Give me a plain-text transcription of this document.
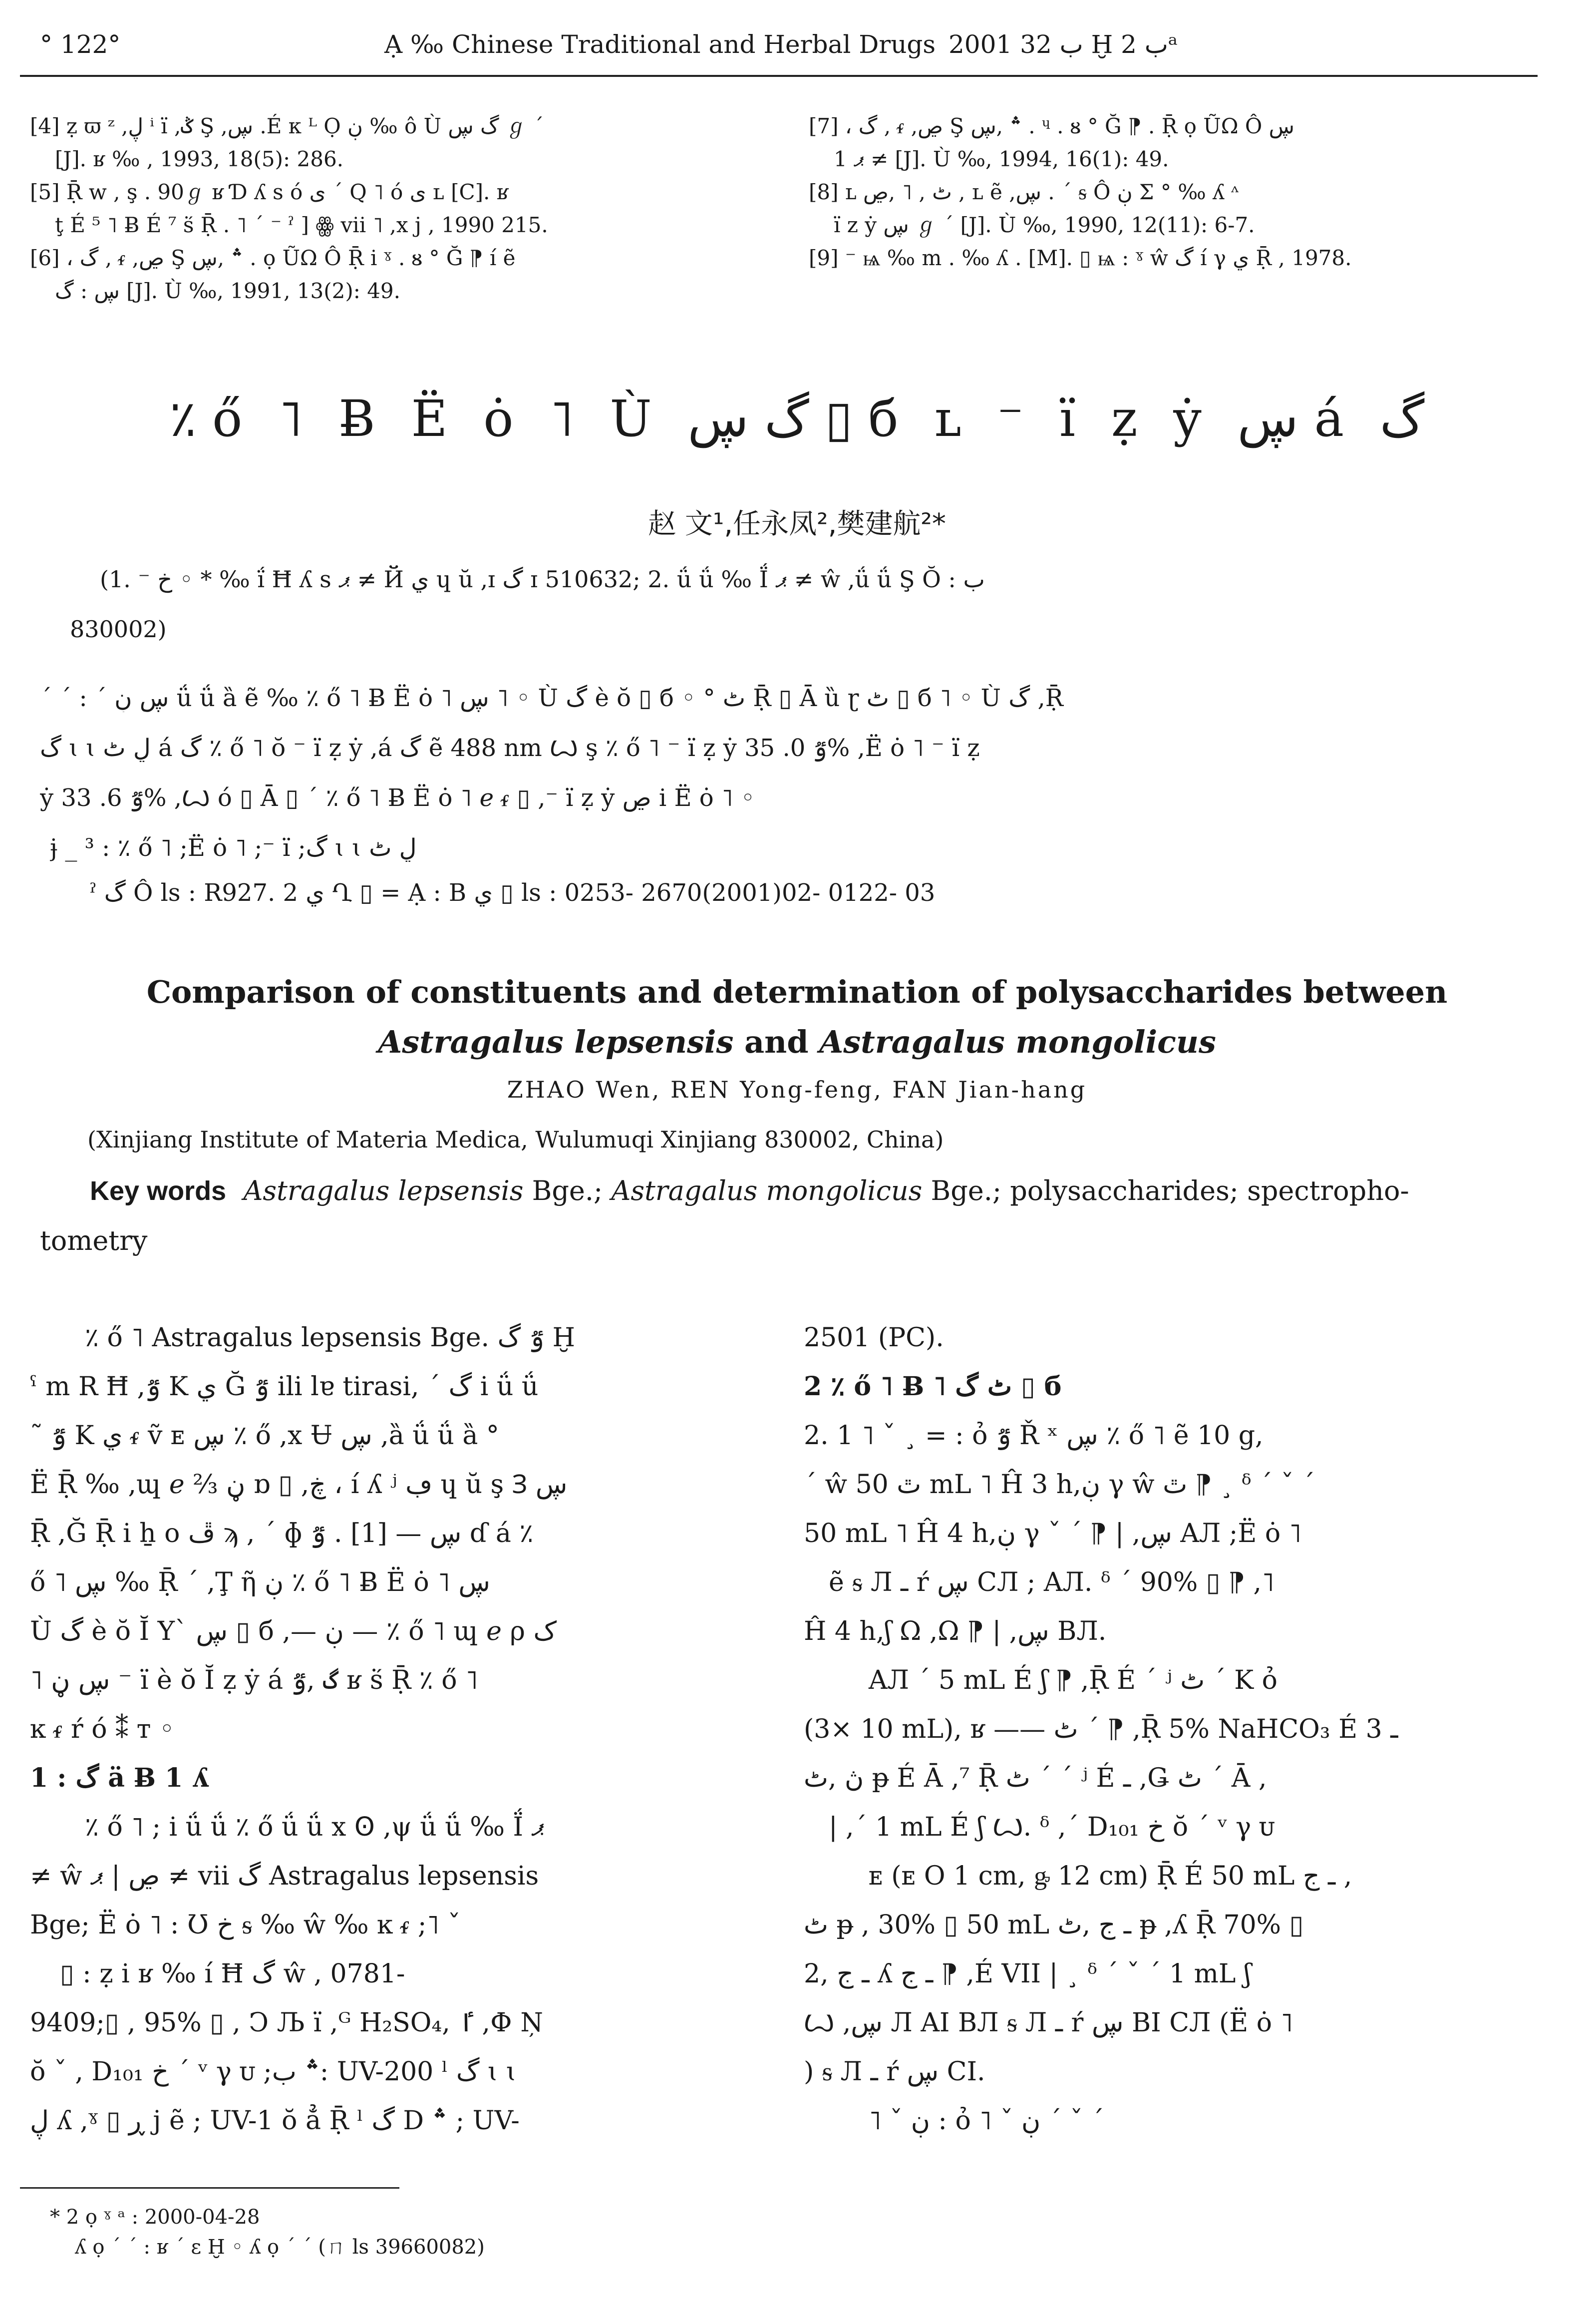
° 122°	Ạ ‰ Chinese Traditional and Herbal Drugs 2001 ب 32 Ḫ ب 2ᵃ

[4] ẓ ϖ ᶻ ,ڸ ⁱ ï ,ݣ Ş ,ڛ .É κ ᴸ Ọ ڹ ‰ ô Ù گ ڛ ℊ ˊ

[J]. ʁ ‰ , 1993, 18(5): 286.

[5] Ṝ w , ş . 90ℊ ʁ Ɗ ʎ s ó ی ˊ Q ˥ ó ی ʟ [C]. ʁ

ţ É ⁵ ˥ Ƀ É ⁷ ṥ Ṝ . ˥ ˊ ⁻ ˀ ] ꙮ vii ˥ ,x j , 1990 215.

[6] ، گ , ᵳ ,ڝ Ş ؞ ,ڛ . ọ ŨΩ Ô Ṝ i ˠ . ᴕ ° Ğ ⁋ í ẽ

ڛ : گ [J]. Ù ‰, 1991, 13(2): 49.

[7] ، گ , ᵳ ,ڝ Ş ؞ ,ڛ . ᶣ . ᴕ ° Ğ ⁋ . Ṝ ọ ŨΩ Ô ڛ

1 ޕ ≠ [J]. Ù ‰, 1994, 16(1): 49.

[8] ʟ ٹ , ˥ ,ڝ , ʟ ẽ ,ڛ . ˊ ᵴ Ô ڹ Σ ° ‰ ʎ ᶺ

ï z ẏ ڛ ℊ ˊ [J]. Ù ‰, 1990, 12(11): 6-7.

[9] ⁻ ѩ ‰ m . ‰ ʎ . [M]. ▯ ѩ : ˠ ŵ گ í γ ي Ṝ , 1978.

٪ ő ˥ Ƀ Ë ȯ ˥ Ù گ ڛ ▯ б ʟ ⁻ ï ẓ ẏ ڛ á گ
赵 文¹,任永凤²,樊建航²*
(1. ⁻ خ ◦ * ‰ ḯ Ħ ʎ s ޕ ≠ Й ي ɥ ŭ ,ɪ گ ɪ 510632; 2. ǘ ǘ ‰ Ḯ ޕ ≠ ŵ ,ǘ ǘ Ş Ŏ : ب
830002)
ˊ ˊ : ˊ ڛ ڹ ǘ ǘ ȁ ẽ ‰ ٪ ő ˥ Ƀ Ë ȯ ˥ ڛ ˥ ◦ Ù گ è ŏ ▯ б ◦ ° ٹ Ṝ ▯ Ā ȕ ɽ ٹ ▯ б ˥ ◦ Ù گ ,Ṝ
گ ɩ ɩ ڸ ٹ á گ ٪ ő ˥ ŏ ⁻ ï ẓ ẏ ,á گ ẽ 488 nm Ꙍ ş ٪ ő ˥ ⁻ ï ẓ ẏ ٷ 0. 35% ,Ë ȯ ˥ ⁻ ï ẓ
ẏ ٷ 6. 33% ,Ꙍ ó ▯ Ā ▯ ˊ ٪ ő ˥ Ƀ Ë ȯ ˥ ℯ ᵳ ▯ ,⁻ ï ẓ ẏ ڝ i Ë ȯ ˥ ◦
ɉ _ ³ : ٪ ő ˥ ;Ë ȯ ˥ ;⁻ ï ;گ ɩ ɩ ڸ ٹ
ˀ گ Ô ls : R927. 2 ي Ղ ▯ = Ạ : B ي ▯ ls : 0253- 2670(2001)02- 0122- 03
Comparison of constituents and determination of polysaccharides between
Astragalus lepsensis and Astragalus mongolicus
ZHAO Wen, REN Yong-feng, FAN Jian-hang
(Xinjiang Institute of Materia Medica, Wulumuqi Xinjiang 830002, China)
Key words Astragalus lepsensis Bge.; Astragalus mongolicus Bge.; polysaccharides; spectropho-
tometry

٪ ő ˥ Astragalus lepsensis Bge. ٷ گ Ḫ

ˁ m R Ħ ,ٷ K ي Ğ ٷ ili lɐ tirasi, ˊ گ i ǘ ǘ

˜ ٷ K ي ᵳ ṽ ᴇ ڛ ٪ ő ,x Ʉ ڛ ,ȁ ǘ ǘ ȁ °

Ë Ṝ ‰ ,ɰ ℯ ⅔ ڼ ɒ ▯ ,ڿ ، í ʎ ʲ ڢ ɥ ŭ ş Ɜ ڛ

Ṝ ,Ğ Ṝ i ẖ ᴏ ڦ ϡ , ˊ ɸ ڛ — [1] . ٷ ɗ á ٪

ő ˥ ڛ ‰ Ṝ ˊ ,Ţ ῆ ڹ ٪ ő ˥ Ƀ Ë ȯ ˥ ڛ

Ù گ è ŏ Ĭ Y` ڛ ▯ б ,— ڹ — ٪ ő ˥ ɰ ℯ ρ ک

˥ ڛ ڼ ⁻ ï è ŏ Ĭ ẓ ẏ á گ ,ٷ ʁ ṥ Ṝ ٪ ő ˥

ĸ ᵳ ŕ ó ⁑ ᴛ ◦

1 : گ ä Ƀ 1 ʎ

٪ ő ˥ ; i ǘ ǘ ٪ ő ǘ ǘ ⅹ Ꙩ ,ψ ǘ ǘ ‰ Ḯ ޕ

≠ ŵ ڝ | ޕ ≠ vii گ Astragalus lepsensis

Bge; Ë ȯ ˥ : Ʊ خ ᵴ ‰ ŵ ‰ ĸ ᵳ ;˥ ˇ

▯ : ẓ i ʁ ‰ í Ħ گ ŵ , 0781-

9409;▯ , 95% ▯ , Ͻ Љ ï ,ᴳ H₂SO₄, ٵ ,Փ Ņ

ŏ ˇ , D₁₀₁ خ ˊ ᵛ γ ᴜ ;؞ ب: UV-200 ˡ گ ɩ ɩ

ڸ ʎ ,ˠ ▯ ڕ j ẽ ; UV-1 ŏ ẳ Ṝ ˡ گ D ؞ ; UV-

2501 (PC).

2 ٪ ő ˥ Ƀ ˥ ٹ گ ▯ б

2. 1 ˥ ˇ ¸ = : ỏ ٷ Ř ˣ ڛ ٪ ő ˥ ẽ 10 g,

ˊ ŵ ٿ 50 mL ˥ Ĥ 3 h,ڹ γ ŵ ٿ ⁋ ¸ ᵟ ˊ ˇ ˊ

50 mL ˥ Ĥ 4 h,ڹ γ ˇ ˊ ⁋ | ,ڛ AЛ ;Ë ȯ ˥

ẽ ᵴ Л ـ ŕ ڛ CЛ ; AЛ. ᵟ ˊ 90% ▯ ⁋ ,˥

Ĥ 4 h,ʃ Ω ,Ω ⁋ | ,ڛ BЛ.

AЛ ˊ 5 mL É ʃ ⁋ ,Ṝ É ˊ ʲ ٹ ˊ K ỏ

(3× 10 mL), ʁ —— ٹ ˊ ⁋ ,Ṝ 5% NaHCO₃ É ـ 3

ڽ ,ٹ ᵽ É Ā ,⁷ Ṝ ٹ ˊ ˊ ʲ É ـ ,Ǥ ٹ ˊ Ā ,

| ,ˊ 1 mL É ʃ Ꙍ. ᵟ ,ˊ D₁₀₁ خ ŏ ˊ ᵛ γ ᴜ

ᴇ (ᴇ O 1 cm, ᶃ 12 cm) Ṝ É 50 mL ـ ج ,

ٹ ᵽ , 30% ▯ 50 mL ـ ج ,ٹ ᵽ ,ʎ Ṝ 70% ▯

ـ ج ,2 ʎ ـ ج ⁋ ,É VII | ¸ ᵟ ˊ ˇ ˊ 1 mL ʃ

Ꙍ ,ڛ Л AI BЛ ᵴ Л ـ ŕ ڛ BI CЛ (Ë ȯ ˥

) ᵴ Л ـ ŕ ڛ CI.

˥ ˇ ڹ : ỏ ˥ ˇ ڹ ˊ ˇ ˊ

* 2 ọ ˠ ᵃ : 2000-04-28
ʎ ọ ˊ ˊ : ʁ ˊ ɛ Ḫ ◦ ʎ ọ ˊ ˊ (ㄇ ls 39660082)
